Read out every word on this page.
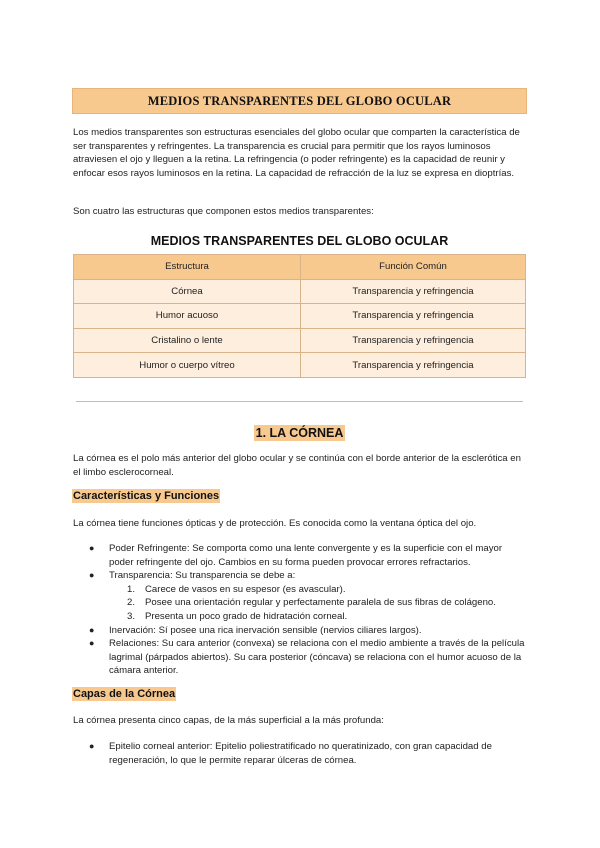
MEDIOS TRANSPARENTES DEL GLOBO OCULAR

Los medios transparentes son estructuras esenciales del globo ocular que comparten la característica de ser transparentes y refringentes. La transparencia es crucial para permitir que los rayos luminosos atraviesen el ojo y lleguen a la retina. La refringencia (o poder refringente) es la capacidad de reunir y enfocar esos rayos luminosos en la retina. La capacidad de refracción de la luz se expresa en dioptrías.

Son cuatro las estructuras que componen estos medios transparentes:

MEDIOS TRANSPARENTES DEL GLOBO OCULAR
Estructura	Función Común
Córnea	Transparencia y refringencia
Humor acuoso	Transparencia y refringencia
Cristalino o lente	Transparencia y refringencia
Humor o cuerpo vítreo	Transparencia y refringencia
1. LA CÓRNEA

La córnea es el polo más anterior del globo ocular y se continúa con el borde anterior de la esclerótica en el limbo esclerocorneal.

Características y Funciones

La córnea tiene funciones ópticas y de protección. Es conocida como la ventana óptica del ojo.

● Poder Refringente: Se comporta como una lente convergente y es la superficie con el mayor poder refringente del ojo. Cambios en su forma pueden provocar errores refractarios.
● Transparencia: Su transparencia se debe a:
1. Carece de vasos en su espesor (es avascular).
2. Posee una orientación regular y perfectamente paralela de sus fibras de colágeno.
3. Presenta un poco grado de hidratación corneal.
● Inervación: Sí posee una rica inervación sensible (nervios ciliares largos).
● Relaciones: Su cara anterior (convexa) se relaciona con el medio ambiente a través de la película lagrimal (párpados abiertos). Su cara posterior (cóncava) se relaciona con el humor acuoso de la cámara anterior.
Capas de la Córnea

La córnea presenta cinco capas, de la más superficial a la más profunda:

● Epitelio corneal anterior: Epitelio poliestratificado no queratinizado, con gran capacidad de regeneración, lo que le permite reparar úlceras de córnea.
